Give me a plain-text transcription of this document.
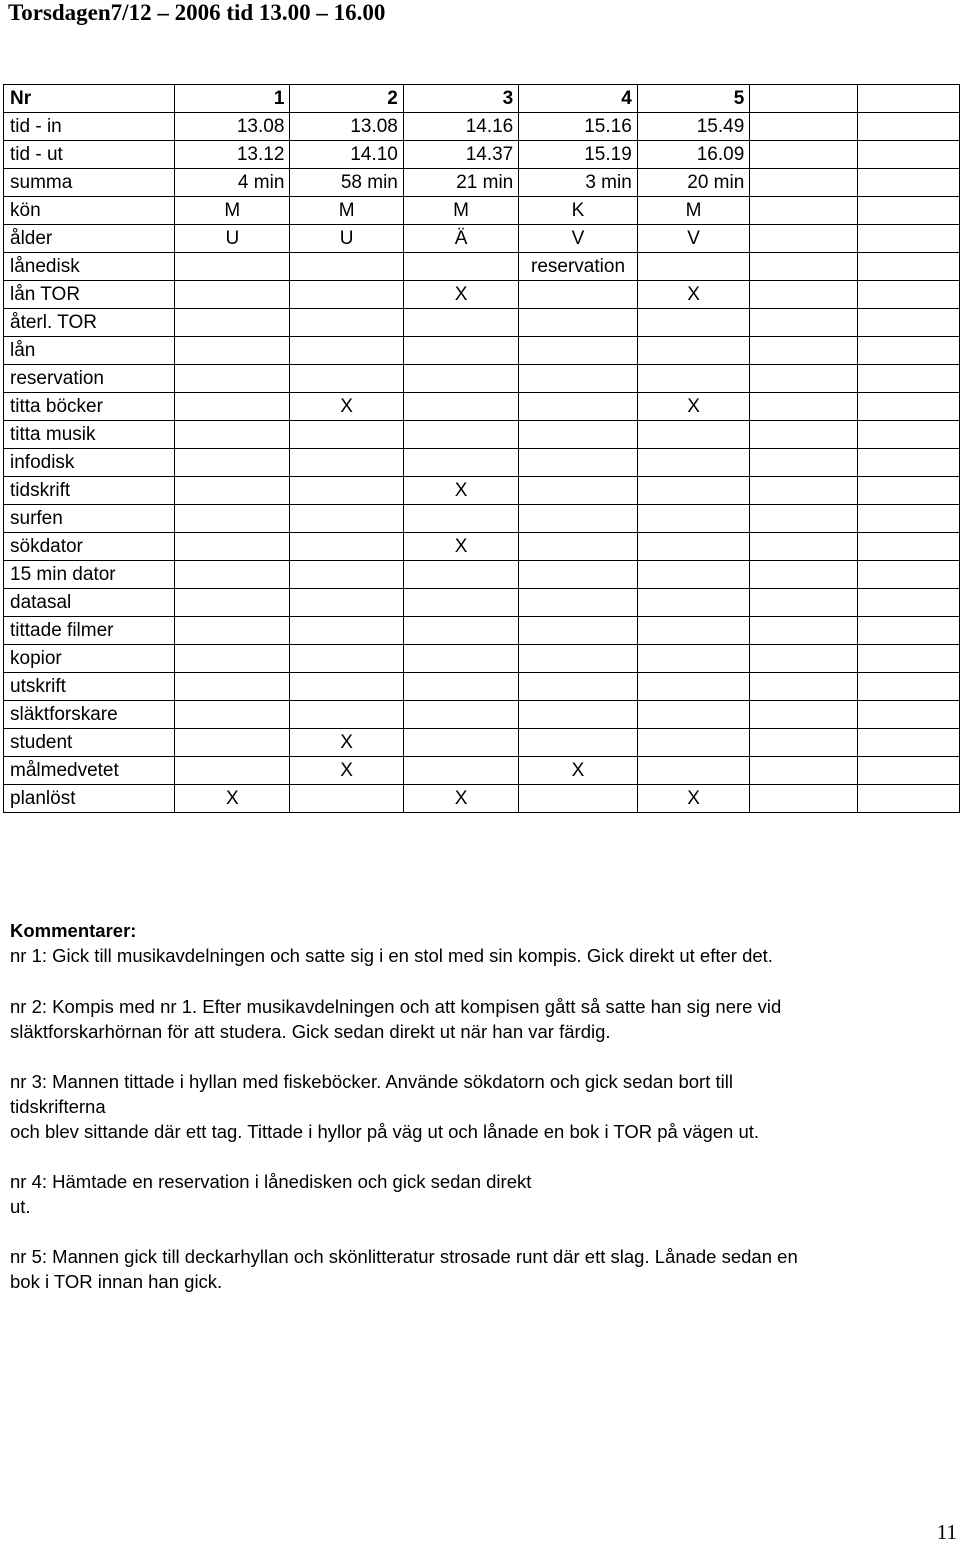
Torsdagen7/12 – 2006 tid 13.00 – 16.00
Nr	1	2	3	4	5		
tid - in	13.08	13.08	14.16	15.16	15.49		
tid - ut	13.12	14.10	14.37	15.19	16.09		
summa	4 min	58 min	21 min	3 min	20 min		
kön	M	M	M	K	M		
ålder	U	U	Ä	V	V		
lånedisk				reservation			
lån TOR			X		X		
återl. TOR							
lån							
reservation							
titta böcker		X			X		
titta musik							
infodisk							
tidskrift			X				
surfen							
sökdator			X				
15 min dator							
datasal							
tittade filmer							
kopior							
utskrift							
släktforskare							
student		X					
målmedvetet		X		X			
planlöst	X		X		X		

Kommentarer:

nr 1: Gick till musikavdelningen och satte sig i en stol med sin kompis. Gick direkt ut efter det.

nr 2: Kompis med nr 1. Efter musikavdelningen och att kompisen gått så satte han sig nere vid

släktforskarhörnan för att studera. Gick sedan direkt ut när han var färdig.

nr 3: Mannen tittade i hyllan med fiskeböcker. Använde sökdatorn och gick sedan bort till

tidskrifterna

och blev sittande där ett tag. Tittade i hyllor på väg ut och lånade en bok i TOR på vägen ut.

nr 4: Hämtade en reservation i lånedisken och gick sedan direkt

ut.

nr 5: Mannen gick till deckarhyllan och skönlitteratur strosade runt där ett slag. Lånade sedan en

bok i TOR innan han gick.

11
